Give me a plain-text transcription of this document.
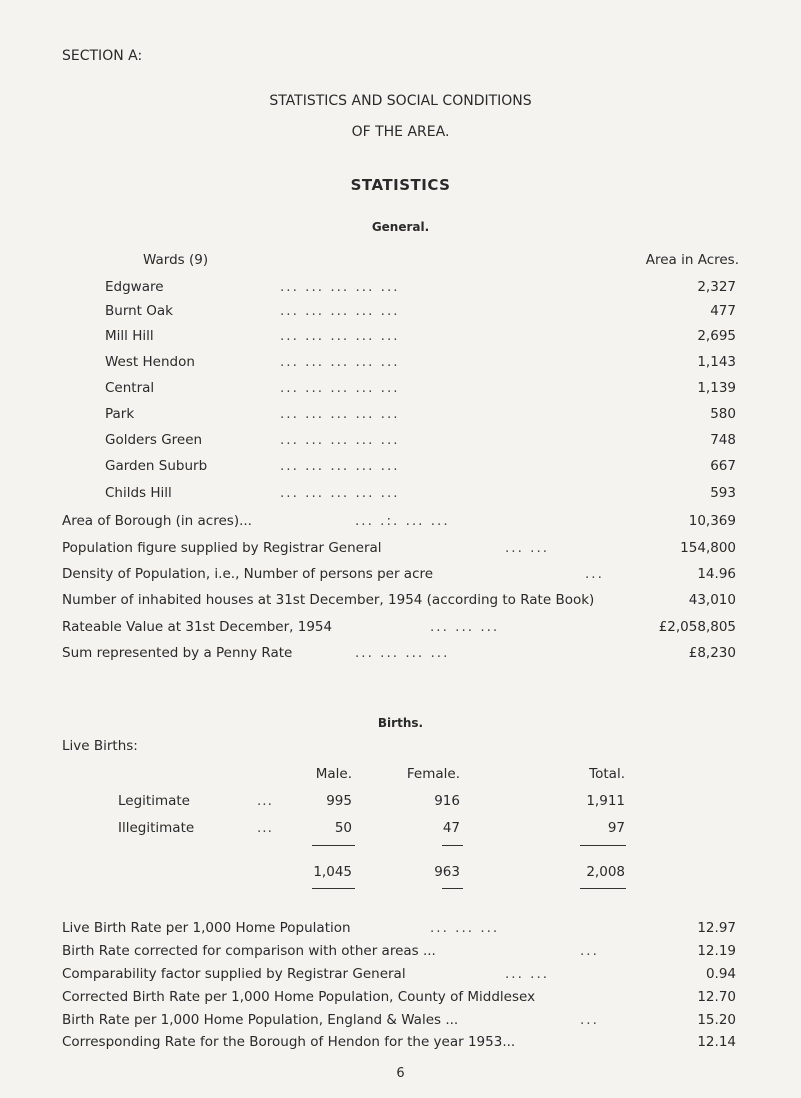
SECTION A:
STATISTICS AND SOCIAL CONDITIONS
OF THE AREA.
STATISTICS
General.
Wards (9)	Area in Acres.
Edgware	... ... ... ... ...	2,327
Burnt Oak	... ... ... ... ...	477
Mill Hill	... ... ... ... ...	2,695
West Hendon	... ... ... ... ...	1,143
Central	... ... ... ... ...	1,139
Park	... ... ... ... ...	580
Golders Green	... ... ... ... ...	748
Garden Suburb	... ... ... ... ...	667
Childs Hill	... ... ... ... ...	593
Area of Borough (in acres)...	... .:. ... ...	10,369
Population figure supplied by Registrar General	... ...	154,800
Density of Population, i.e., Number of persons per acre	...	14.96
Number of inhabited houses at 31st December, 1954 (according to Rate Book)	43,010
Rateable Value at 31st December, 1954	... ... ...	£2,058,805
Sum represented by a Penny Rate	... ... ... ...	£8,230
Births.
Live Births:
Male.	Female.	Total.
Legitimate	...	995	916	1,911
Illegitimate	...	50	47	97
1,045	963	2,008
Live Birth Rate per 1,000 Home Population	... ... ...	12.97
Birth Rate corrected for comparison with other areas ...	...	12.19
Comparability factor supplied by Registrar General	... ...	0.94
Corrected Birth Rate per 1,000 Home Population, County of Middlesex	12.70
Birth Rate per 1,000 Home Population, England & Wales ...	...	15.20
Corresponding Rate for the Borough of Hendon for the year 1953...	12.14
6
